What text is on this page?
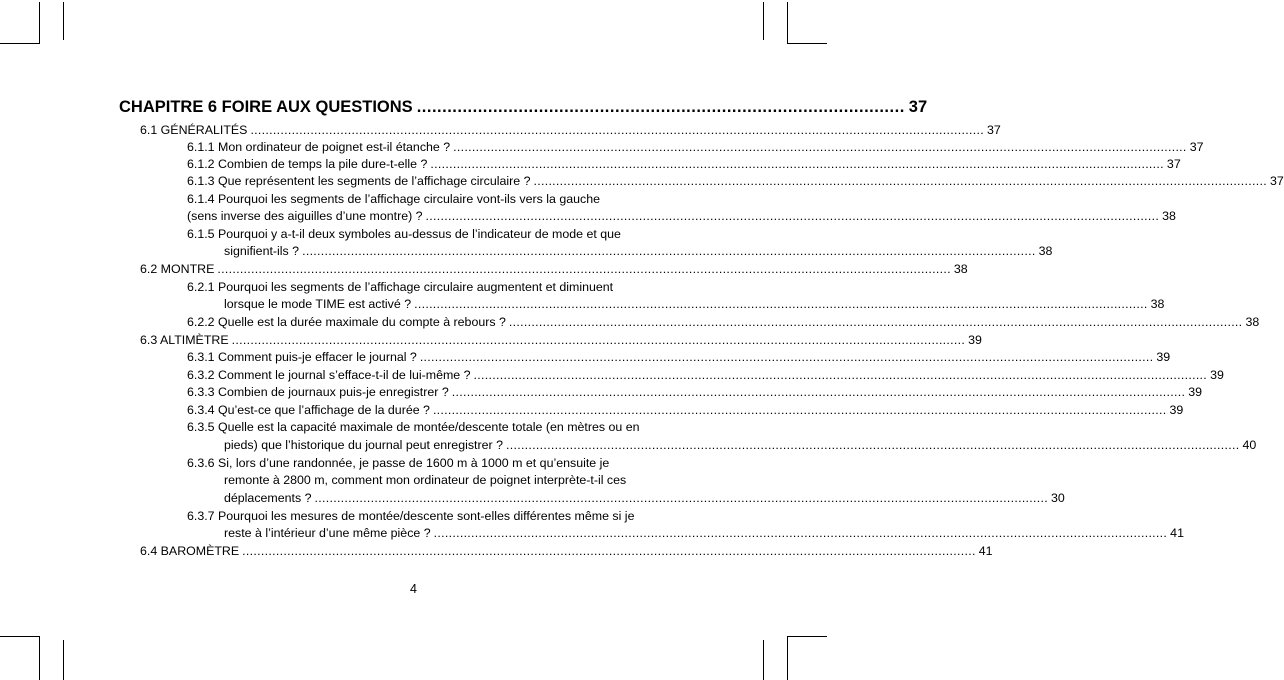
CHAPITRE 6 FOIRE AUX QUESTIONS ................................................................................................ 37
6.1 GÉNÉRALITÉS .................................................................................................................................................................................................... 37
6.1.1 Mon ordinateur de poignet est-il étanche ? .................................................................................................................................................................................................... 37
6.1.2 Combien de temps la pile dure-t-elle ? .................................................................................................................................................................................................... 37
6.1.3 Que représentent les segments de l’affichage circulaire ? .................................................................................................................................................................................................... 37
6.1.4 Pourquoi les segments de l’affichage circulaire vont-ils vers la gauche
(sens inverse des aiguilles d’une montre) ? .................................................................................................................................................................................................... 38
6.1.5 Pourquoi y a-t-il deux symboles au-dessus de l’indicateur de mode et que
signifient-ils ? .................................................................................................................................................................................................... 38
6.2 MONTRE .................................................................................................................................................................................................... 38
6.2.1 Pourquoi les segments de l’affichage circulaire augmentent et diminuent
lorsque le mode TIME est activé ? .................................................................................................................................................................................................... 38
6.2.2 Quelle est la durée maximale du compte à rebours ? .................................................................................................................................................................................................... 38
6.3 ALTIMÈTRE .................................................................................................................................................................................................... 39
6.3.1 Comment puis-je effacer le journal ? .................................................................................................................................................................................................... 39
6.3.2 Comment le journal s’efface-t-il de lui-même ? .................................................................................................................................................................................................... 39
6.3.3 Combien de journaux puis-je enregistrer ? .................................................................................................................................................................................................... 39
6.3.4 Qu’est-ce que l’affichage de la durée ? .................................................................................................................................................................................................... 39
6.3.5 Quelle est la capacité maximale de montée/descente totale (en mètres ou en
pieds) que l’historique du journal peut enregistrer ? .................................................................................................................................................................................................... 40
6.3.6 Si, lors d’une randonnée, je passe de 1600 m à 1000 m et qu’ensuite je
remonte à 2800 m, comment mon ordinateur de poignet interprète-t-il ces
déplacements ? .................................................................................................................................................................................................... 30
6.3.7 Pourquoi les mesures de montée/descente sont-elles différentes même si je
reste à l’intérieur d’une même pièce ? .................................................................................................................................................................................................... 41
6.4 BAROMÈTRE .................................................................................................................................................................................................... 41
4
